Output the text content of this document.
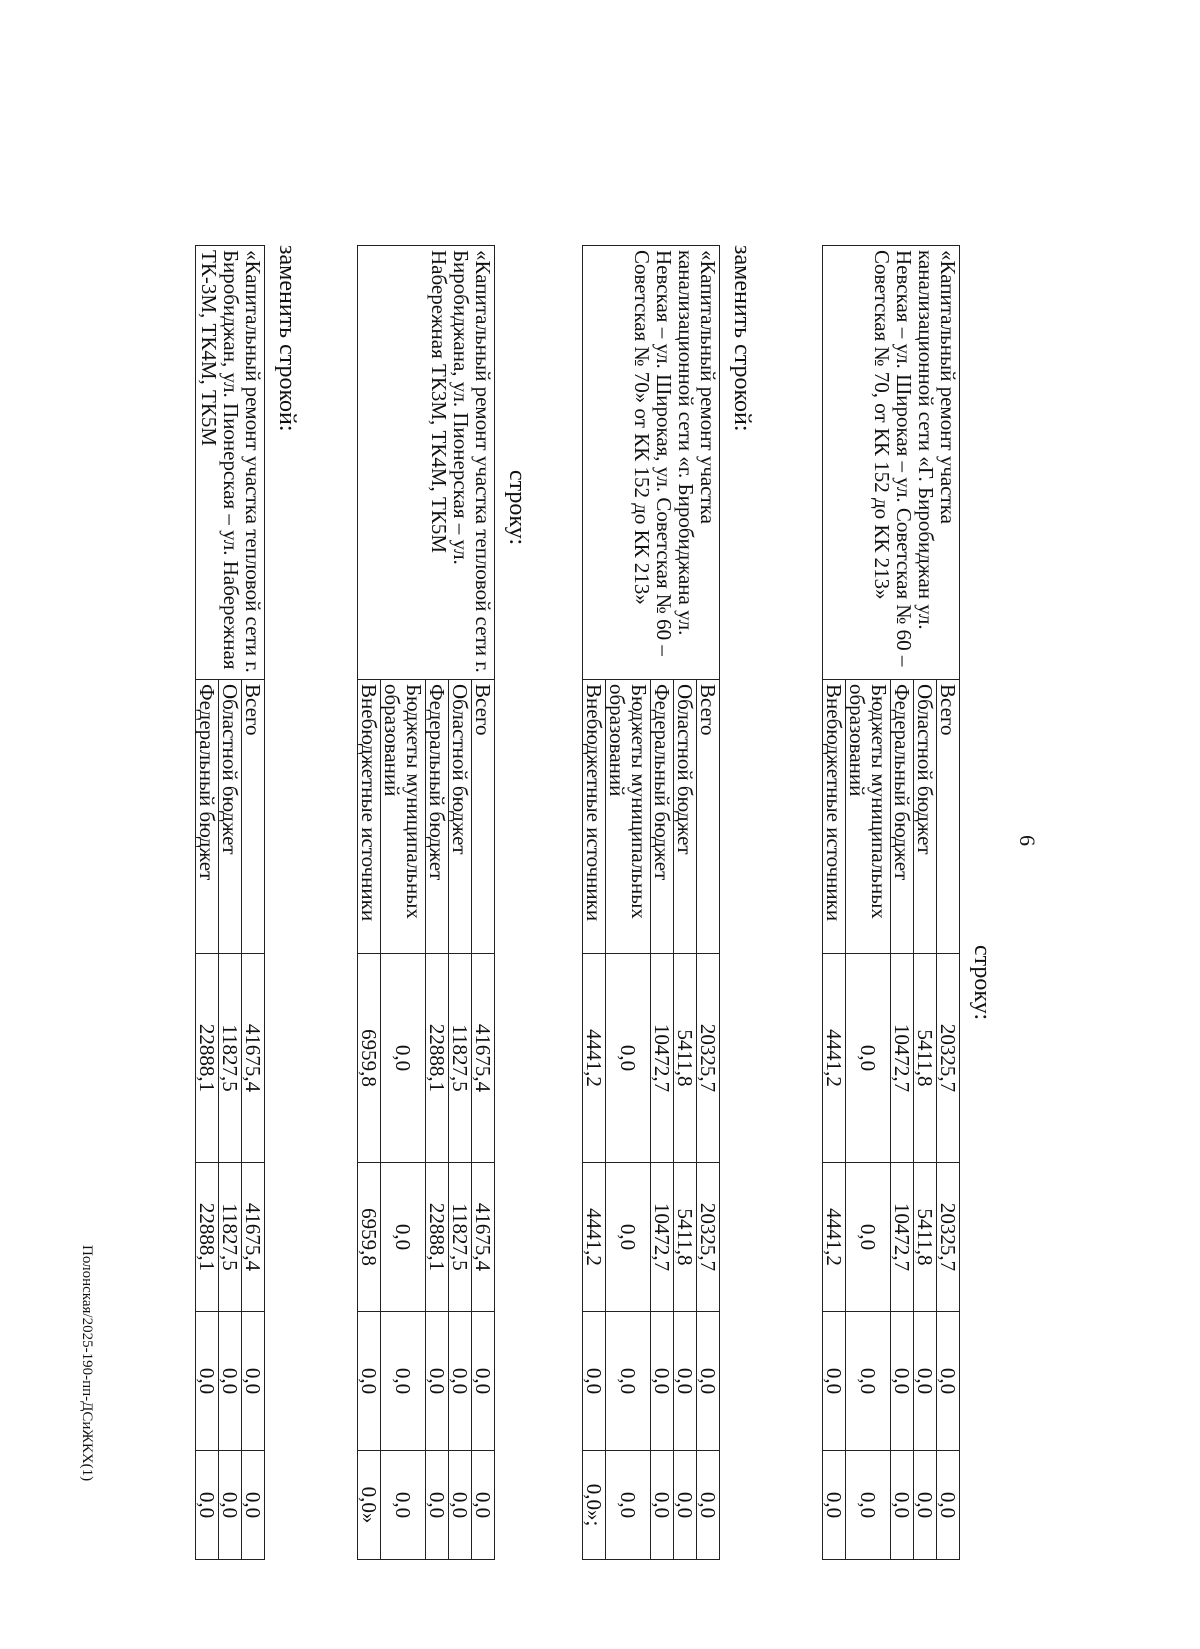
6
строку:
«Капитальный ремонт участка канализационной сети «Г. Биробиджан ул. Невская – ул. Широкая – ул. Советская № 60 – Советская № 70, от КК 152 до КК 213»	Всего	20325,7	20325,7	0,0	0,0
	Областной бюджет	5411,8	5411,8	0,0	0,0
	Федеральный бюджет	10472,7	10472,7	0,0	0,0
	Бюджеты муниципальных образований	0,0	0,0	0,0	0,0
	Внебюджетные источники	4441,2	4441,2	0,0	0,0
заменить строкой:
«Капитальный ремонт участка канализационной сети «г. Биробиджана ул. Невская – ул. Широкая, ул. Советская № 60 – Советская № 70» от КК 152 до КК 213»	Всего	20325,7	20325,7	0,0	0,0
	Областной бюджет	5411,8	5411,8	0,0	0,0
	Федеральный бюджет	10472,7	10472,7	0,0	0,0
	Бюджеты муниципальных образований	0,0	0,0	0,0	0,0
	Внебюджетные источники	4441,2	4441,2	0,0	0,0»;
строку:
«Капитальный ремонт участка тепловой сети г. Биробиджана, ул. Пионерская – ул. Набережная ТК3М, ТК4М, ТК5М	Всего	41675,4	41675,4	0,0	0,0
	Областной бюджет	11827,5	11827,5	0,0	0,0
	Федеральный бюджет	22888,1	22888,1	0,0	0,0
	Бюджеты муниципальных образований	0,0	0,0	0,0	0,0
	Внебюджетные источники	6959,8	6959,8	0,0	0,0»
заменить строкой:
«Капитальный ремонт участка тепловой сети г. Биробиджан, ул. Пионерская – ул. Набережная ТК-3М, ТК4М, ТК5М	Всего	41675,4	41675,4	0,0	0,0
	Областной бюджет	11827,5	11827,5	0,0	0,0
	Федеральный бюджет	22888,1	22888,1	0,0	0,0
Полонская/2025-190-пп-ДСиЖКХ(1)
